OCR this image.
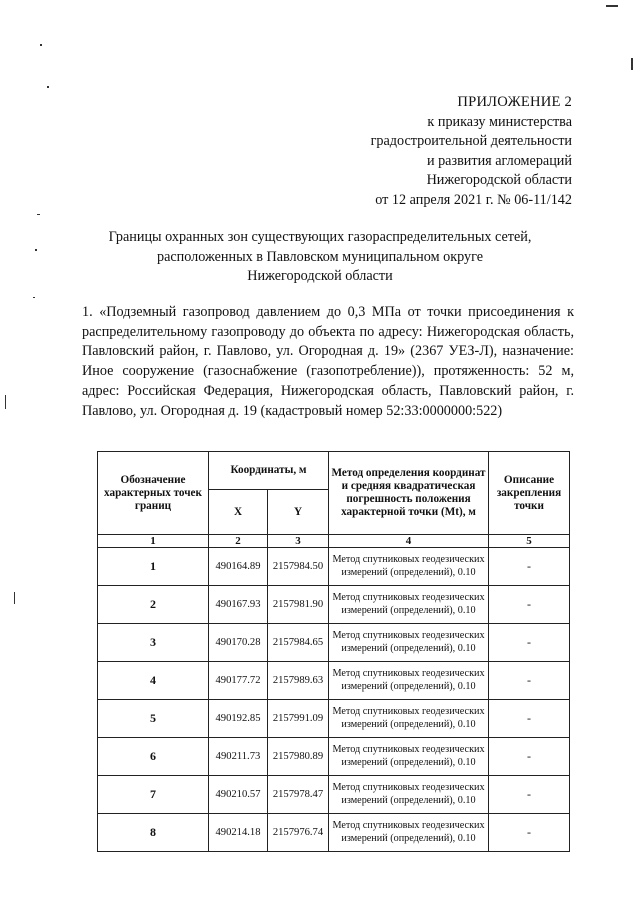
ПРИЛОЖЕНИЕ 2
к приказу министерства
градостроительной деятельности
и развития агломераций
Нижегородской области
от 12 апреля 2021 г. № 06-11/142
Границы охранных зон существующих газораспределительных сетей,
расположенных в Павловском муниципальном округе
Нижегородской области
1. «Подземный газопровод давлением до 0,3 МПа от точки присоединения к распределительному газопроводу до объекта по адресу: Нижегородская область, Павловский район, г. Павлово, ул. Огородная д. 19» (2367 УЕЗ-Л), назначение: Иное сооружение (газоснабжение (газопотребление)), протяженность: 52 м, адрес: Российская Федерация, Нижегородская область, Павловский район, г. Павлово, ул. Огородная д. 19 (кадастровый номер 52:33:0000000:522)
Обозначение характерных точек границ	Координаты, м		Метод определения координат и средняя квадратическая погрешность положения характерной точки (Mt), м	Описание закрепления точки
	X	Y		
1	2	3	4	5
1	490164.89	2157984.50	Метод спутниковых геодезических измерений (определений), 0.10	-
2	490167.93	2157981.90	Метод спутниковых геодезических измерений (определений), 0.10	-
3	490170.28	2157984.65	Метод спутниковых геодезических измерений (определений), 0.10	-
4	490177.72	2157989.63	Метод спутниковых геодезических измерений (определений), 0.10	-
5	490192.85	2157991.09	Метод спутниковых геодезических измерений (определений), 0.10	-
6	490211.73	2157980.89	Метод спутниковых геодезических измерений (определений), 0.10	-
7	490210.57	2157978.47	Метод спутниковых геодезических измерений (определений), 0.10	-
8	490214.18	2157976.74	Метод спутниковых геодезических измерений (определений), 0.10	-
